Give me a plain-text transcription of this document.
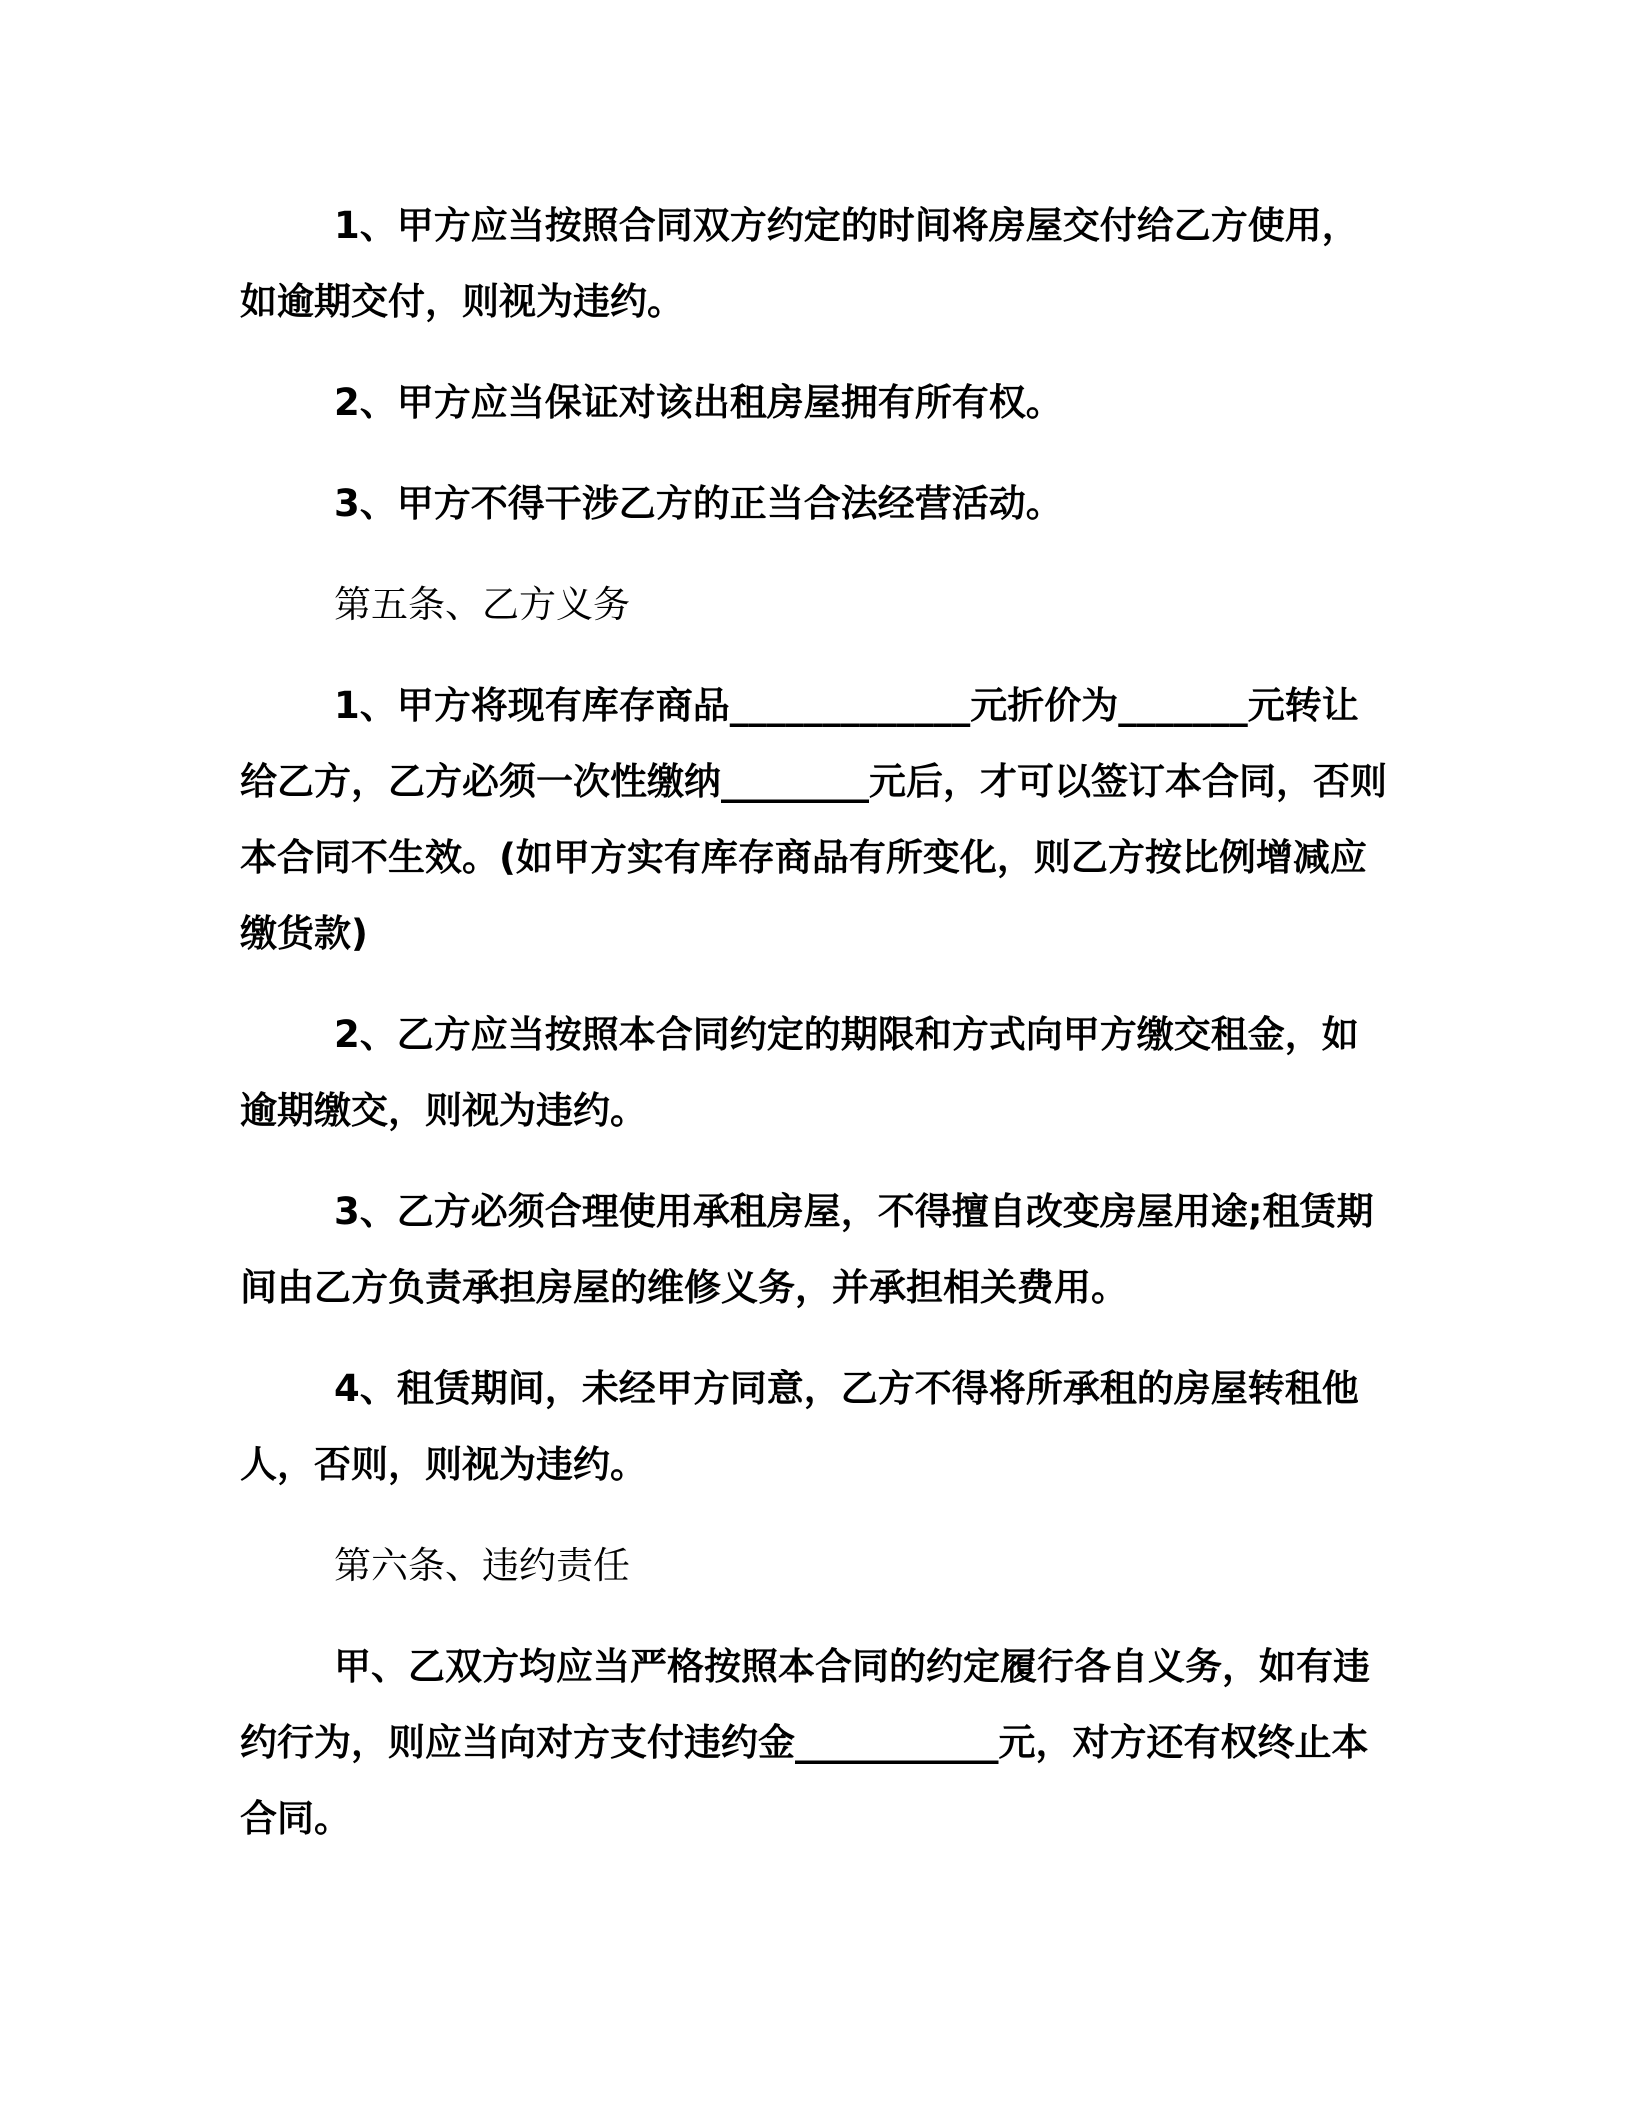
1、甲方应当按照合同双方约定的时间将房屋交付给乙方使用，如逾期交付，则视为违约。

2、甲方应当保证对该出租房屋拥有所有权。

3、甲方不得干涉乙方的正当合法经营活动。

第五条、乙方义务

1、甲方将现有库存商品_____________元折价为_______元转让给乙方，乙方必须一次性缴纳________元后，才可以签订本合同，否则本合同不生效。(如甲方实有库存商品有所变化，则乙方按比例增减应缴货款)

2、乙方应当按照本合同约定的期限和方式向甲方缴交租金，如逾期缴交，则视为违约。

3、乙方必须合理使用承租房屋，不得擅自改变房屋用途;租赁期间由乙方负责承担房屋的维修义务，并承担相关费用。

4、租赁期间，未经甲方同意，乙方不得将所承租的房屋转租他人，否则，则视为违约。

第六条、违约责任

甲、乙双方均应当严格按照本合同的约定履行各自义务，如有违约行为，则应当向对方支付违约金___________元，对方还有权终止本合同。
